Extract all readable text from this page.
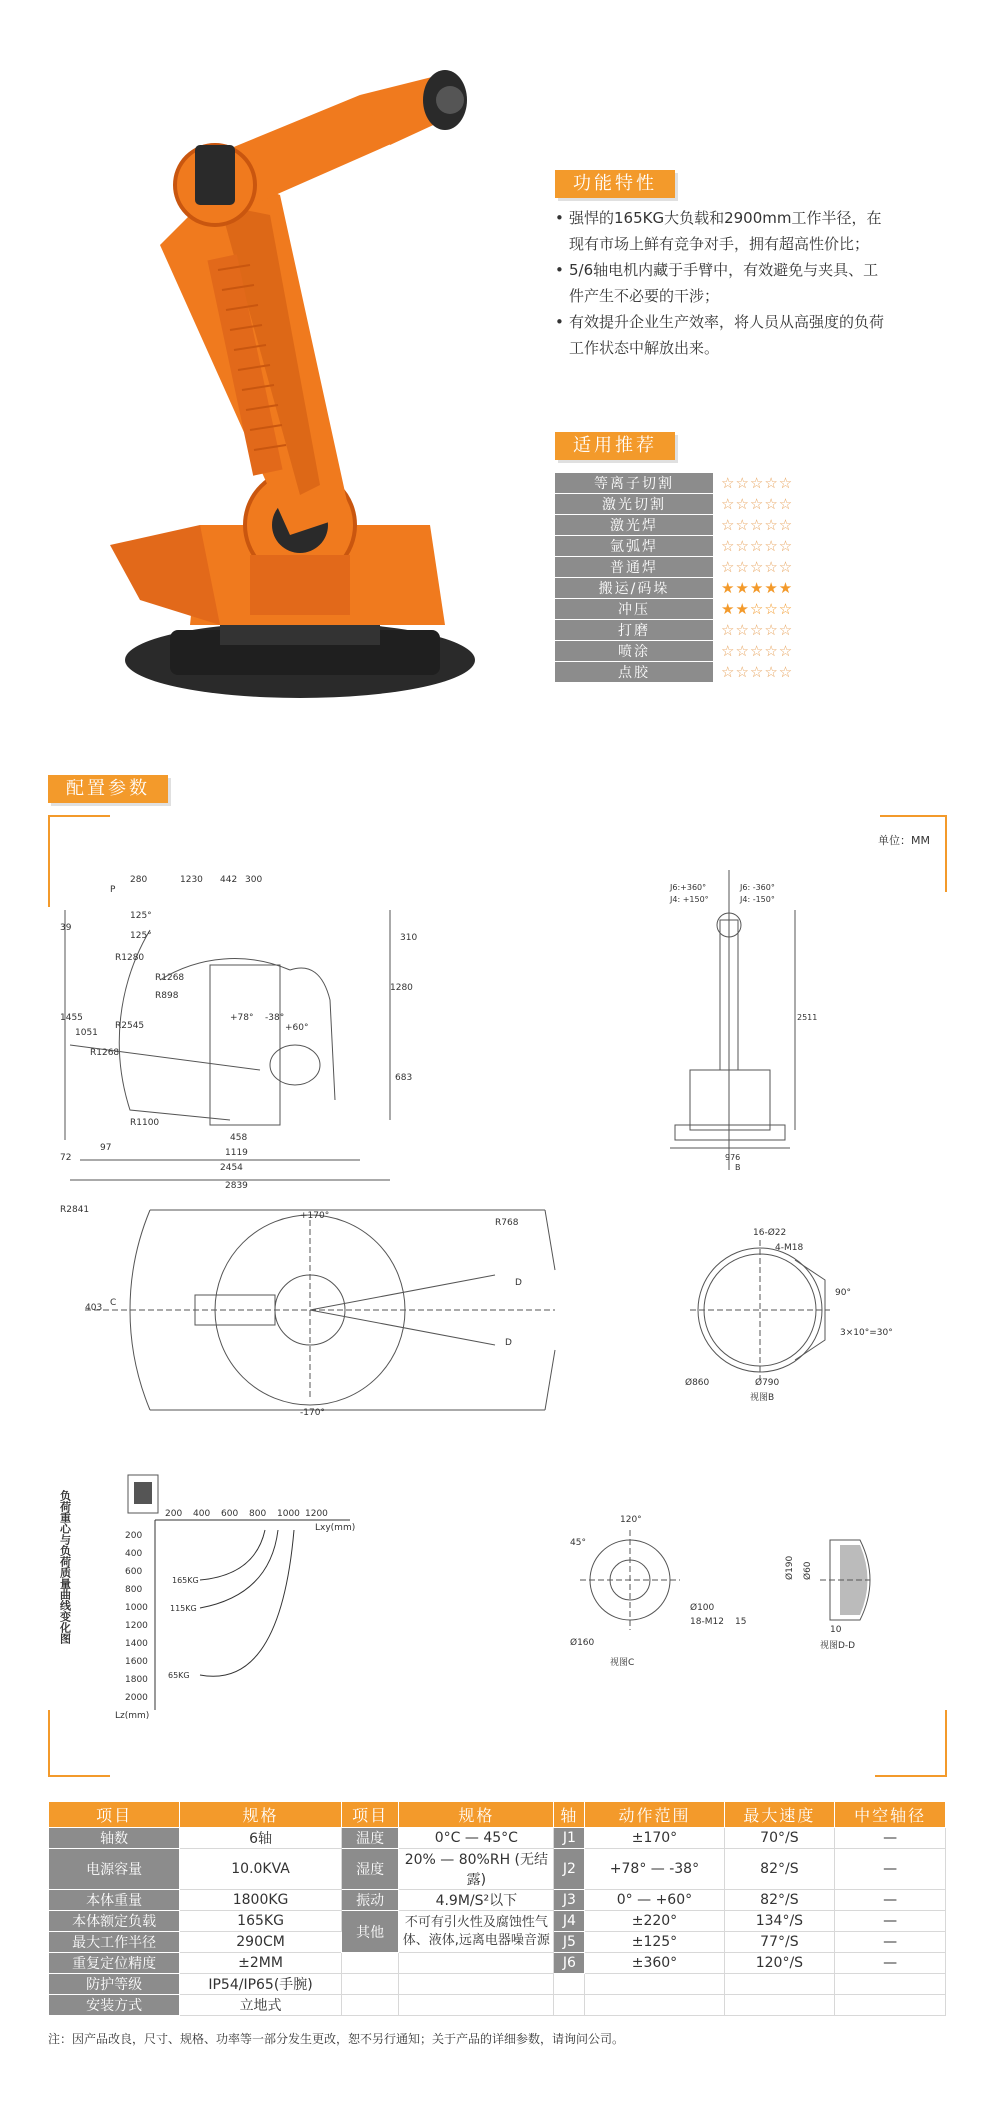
功能特性
• 强悍的165KG大负载和2900mm工作半径，在现有市场上鲜有竞争对手，拥有超高性价比；
• 5/6轴电机内藏于手臂中，有效避免与夹具、工件产生不必要的干涉；
• 有效提升企业生产效率，将人员从高强度的负荷工作状态中解放出来。
适用推荐
等离子切割	☆☆☆☆☆
激光切割	☆☆☆☆☆
激光焊	☆☆☆☆☆
氩弧焊	☆☆☆☆☆
普通焊	☆☆☆☆☆
搬运/码垛	★★★★★
冲压	★★☆☆☆
打磨	☆☆☆☆☆
喷涂	☆☆☆☆☆
点胶	☆☆☆☆☆
配置参数
单位：MM
280	1230 442 300
P
125°
125°
39
310
R1280
R1268
R898
R2545
1280
1455
1051
R1268
683
+78° -38°
+60°
458
97
R1100
1119
72
2454
2839
J6:+360°	J6: -360°
J4: +150°	J4: -150°
2511
976
B
R2841
+170°
R768
-170°
403 C
D
D
16-Ø22
4-M18
90°
3×10°=30°
Ø860	Ø790
视图B
负荷重心与负荷质量曲线变化图	Lxy(mm)
Lz(mm)
200 400 600 800 1000 1200
200
400
600
800
1000
1200
1400
1600
1800
2000
165KG
115KG
65KG
120°
45°
Ø100
18-M12 15
Ø160
视图C
Ø190 Ø60
10
视图D-D
项目	规格	项目	规格	轴	动作范围	最大速度	中空轴径
轴数	6轴	温度	0°C — 45°C	J1	±170°	70°/S	—
电源容量	10.0KVA	湿度	20% — 80%RH (无结露)	J2	+78° — -38°	82°/S	—
本体重量	1800KG	振动	4.9M/S²以下	J3	0° — +60°	82°/S	—
本体额定负载	165KG	其他	不可有引火性及腐蚀性气体、液体,远离电器噪音源	J4	±220°	134°/S	—
最大工作半径	290CM			J5	±125°	77°/S	—
重复定位精度	±2MM			J6	±360°	120°/S	—
防护等级	IP54/IP65(手腕)						
安装方式	立地式						
注：因产品改良，尺寸、规格、功率等一部分发生更改，恕不另行通知；关于产品的详细参数，请询问公司。
